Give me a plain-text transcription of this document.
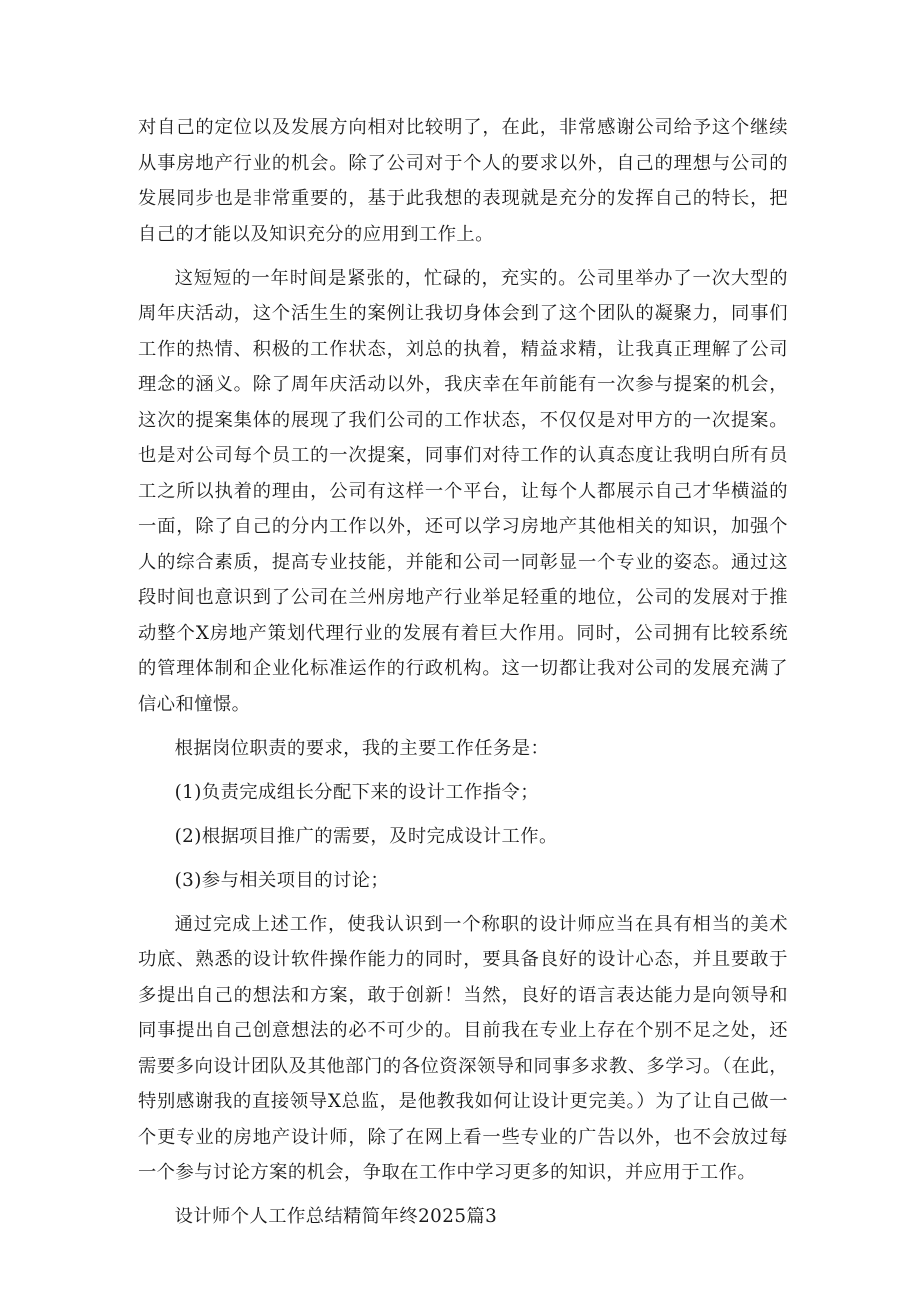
对自己的定位以及发展方向相对比较明了，在此，非常感谢公司给予这个继续从事房地产行业的机会。除了公司对于个人的要求以外，自己的理想与公司的发展同步也是非常重要的，基于此我想的表现就是充分的发挥自己的特长，把自己的才能以及知识充分的应用到工作上。

这短短的一年时间是紧张的，忙碌的，充实的。公司里举办了一次大型的周年庆活动，这个活生生的案例让我切身体会到了这个团队的凝聚力，同事们工作的热情、积极的工作状态，刘总的执着，精益求精，让我真正理解了公司理念的涵义。除了周年庆活动以外，我庆幸在年前能有一次参与提案的机会，这次的提案集体的展现了我们公司的工作状态，不仅仅是对甲方的一次提案。也是对公司每个员工的一次提案，同事们对待工作的认真态度让我明白所有员工之所以执着的理由，公司有这样一个平台，让每个人都展示自己才华横溢的一面，除了自己的分内工作以外，还可以学习房地产其他相关的知识，加强个人的综合素质，提高专业技能，并能和公司一同彰显一个专业的姿态。通过这段时间也意识到了公司在兰州房地产行业举足轻重的地位，公司的发展对于推动整个X房地产策划代理行业的发展有着巨大作用。同时，公司拥有比较系统的管理体制和企业化标准运作的行政机构。这一切都让我对公司的发展充满了信心和憧憬。

根据岗位职责的要求，我的主要工作任务是：

(1)负责完成组长分配下来的设计工作指令；

(2)根据项目推广的需要，及时完成设计工作。

(3)参与相关项目的讨论；

通过完成上述工作，使我认识到一个称职的设计师应当在具有相当的美术功底、熟悉的设计软件操作能力的同时，要具备良好的设计心态，并且要敢于多提出自己的想法和方案，敢于创新！当然，良好的语言表达能力是向领导和同事提出自己创意想法的必不可少的。目前我在专业上存在个别不足之处，还需要多向设计团队及其他部门的各位资深领导和同事多求教、多学习。（在此，特别感谢我的直接领导X总监，是他教我如何让设计更完美。）为了让自己做一个更专业的房地产设计师，除了在网上看一些专业的广告以外，也不会放过每一个参与讨论方案的机会，争取在工作中学习更多的知识，并应用于工作。

设计师个人工作总结精简年终2025篇3
